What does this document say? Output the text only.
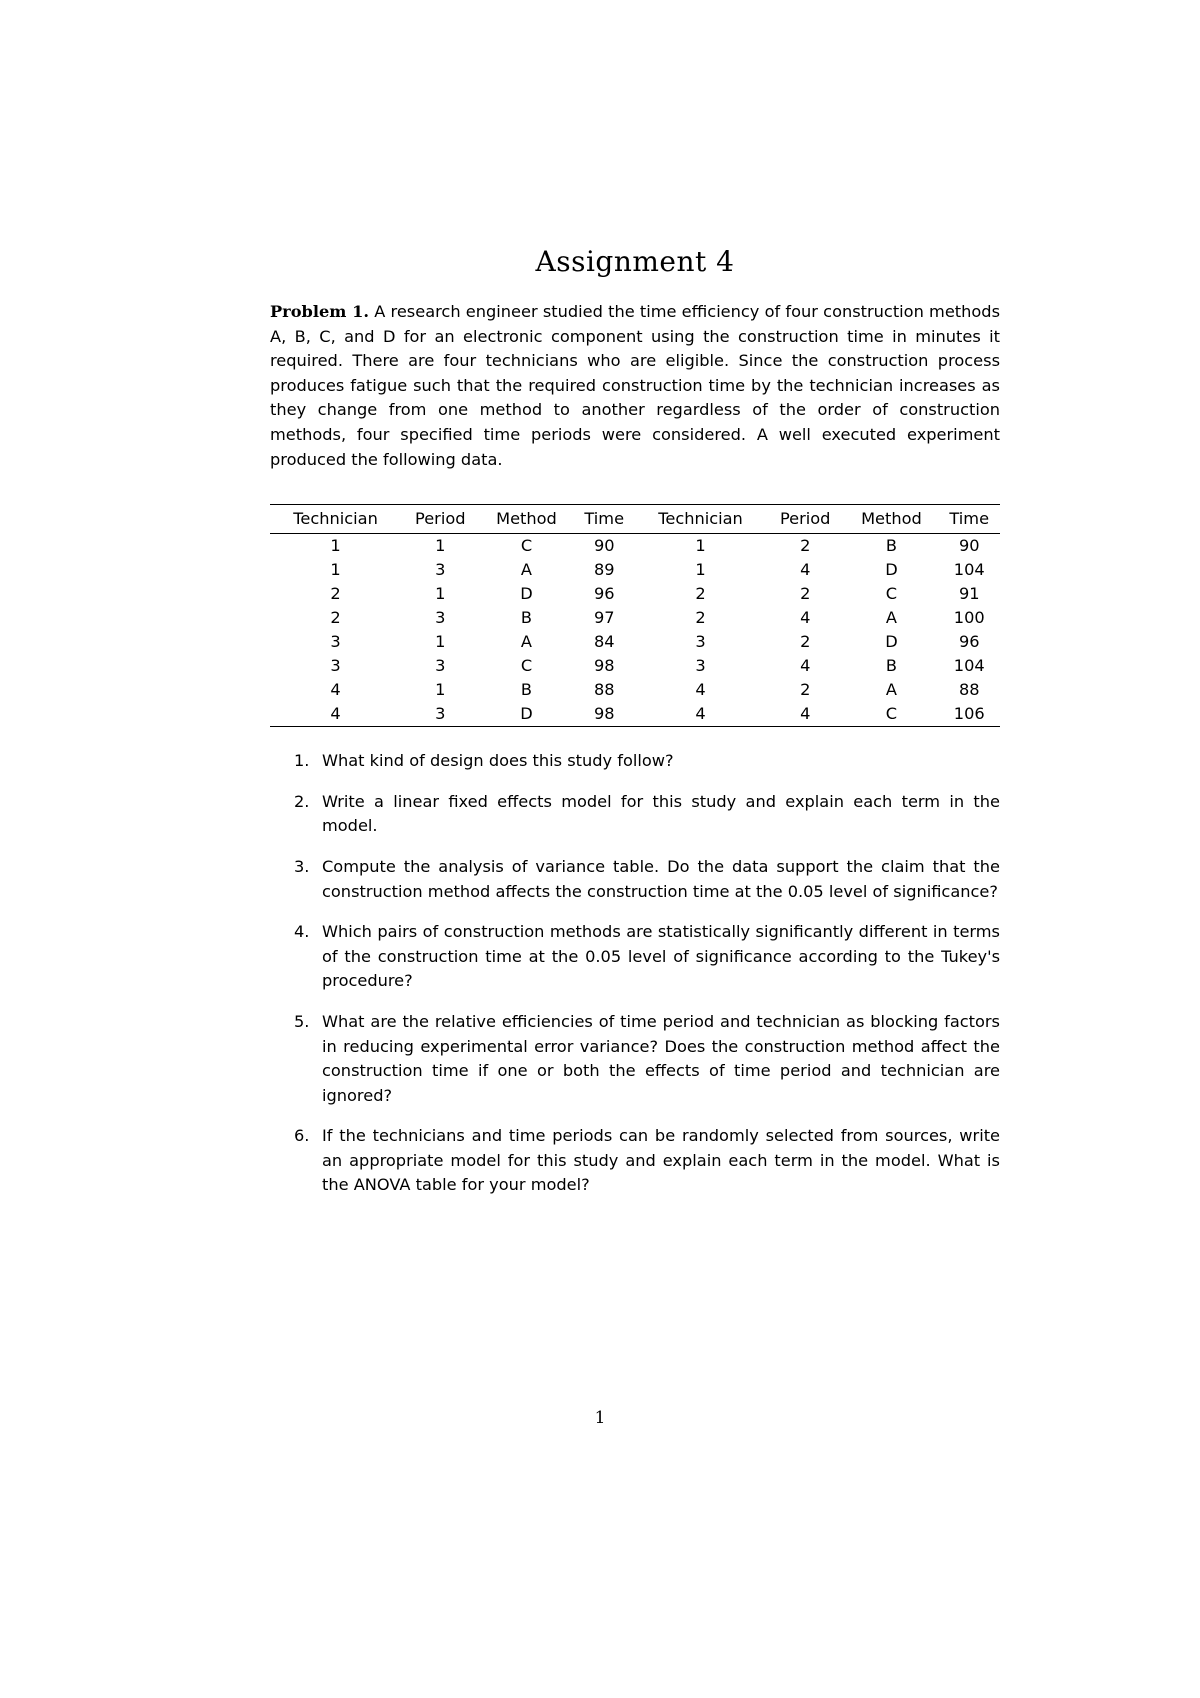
Assignment 4

Problem 1. A research engineer studied the time efficiency of four construction methods A, B, C, and D for an electronic component using the construction time in minutes it required. There are four technicians who are eligible. Since the construction process produces fatigue such that the required construction time by the technician increases as they change from one method to another regardless of the order of construction methods, four specified time periods were considered. A well executed experiment produced the following data.

Technician	Period	Method	Time	Technician	Period	Method	Time
1	1	C	90	1	2	B	90
1	3	A	89	1	4	D	104
2	1	D	96	2	2	C	91
2	3	B	97	2	4	A	100
3	1	A	84	3	2	D	96
3	3	C	98	3	4	B	104
4	1	B	88	4	2	A	88
4	3	D	98	4	4	C	106
1. What kind of design does this study follow?
2. Write a linear fixed effects model for this study and explain each term in the model.
3. Compute the analysis of variance table. Do the data support the claim that the construction method affects the construction time at the 0.05 level of significance?
4. Which pairs of construction methods are statistically significantly different in terms of the construction time at the 0.05 level of significance according to the Tukey's procedure?
5. What are the relative efficiencies of time period and technician as blocking factors in reducing experimental error variance? Does the construction method affect the construction time if one or both the effects of time period and technician are ignored?
6. If the technicians and time periods can be randomly selected from sources, write an appropriate model for this study and explain each term in the model. What is the ANOVA table for your model?
1
